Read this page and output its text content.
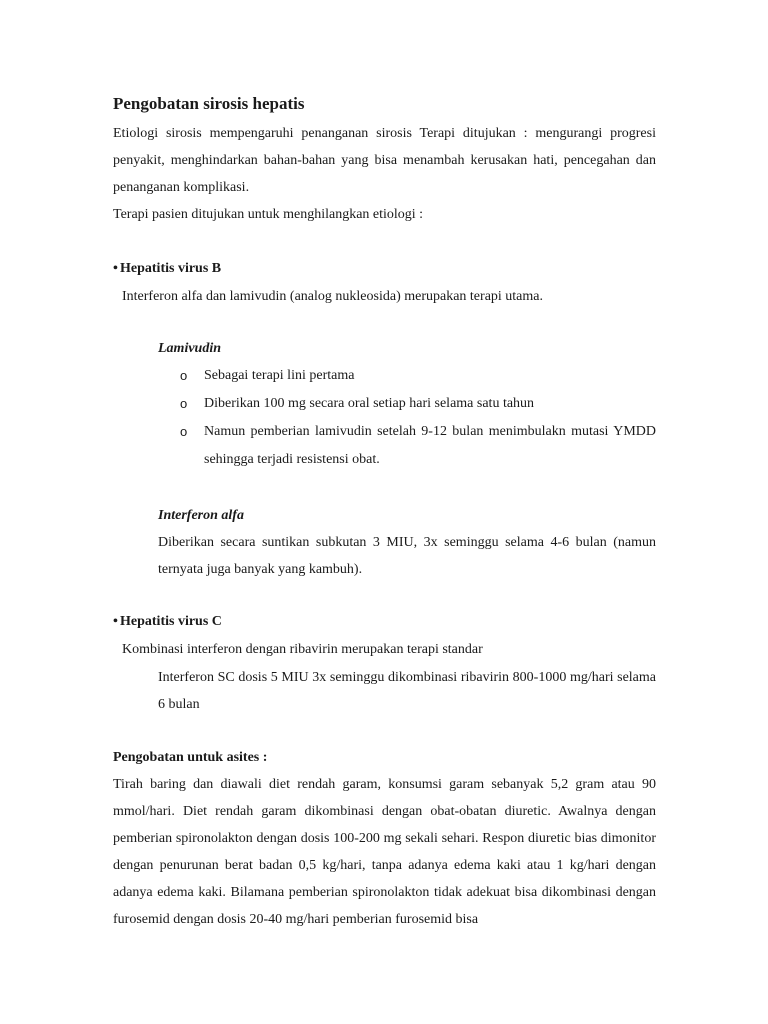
Pengobatan sirosis hepatis

Etiologi sirosis mempengaruhi penanganan sirosis Terapi ditujukan : mengurangi progresi penyakit, menghindarkan bahan-bahan yang bisa menambah kerusakan hati, pencegahan dan penanganan komplikasi.

Terapi pasien ditujukan untuk menghilangkan etiologi :

• Hepatitis virus B

Interferon alfa dan lamivudin (analog nukleosida) merupakan terapi utama.

Lamivudin

o	Sebagai terapi lini pertama
o	Diberikan 100 mg secara oral setiap hari selama satu tahun
o	Namun pemberian lamivudin setelah 9-12 bulan menimbulakn mutasi YMDD sehingga terjadi resistensi obat.

Interferon alfa

Diberikan secara suntikan subkutan 3 MIU, 3x seminggu selama 4-6 bulan (namun ternyata juga banyak yang kambuh).

• Hepatitis virus C

Kombinasi interferon dengan ribavirin merupakan terapi standar

Interferon SC dosis 5 MIU 3x seminggu dikombinasi ribavirin 800-1000 mg/hari selama 6 bulan

Pengobatan untuk asites :

Tirah baring dan diawali diet rendah garam, konsumsi garam sebanyak 5,2 gram atau 90 mmol/hari. Diet rendah garam dikombinasi dengan obat-obatan diuretic. Awalnya dengan pemberian spironolakton dengan dosis 100-200 mg sekali sehari. Respon diuretic bias dimonitor dengan penurunan berat badan 0,5 kg/hari, tanpa adanya edema kaki atau 1 kg/hari dengan adanya edema kaki. Bilamana pemberian spironolakton tidak adekuat bisa dikombinasi dengan furosemid dengan dosis 20-40 mg/hari pemberian furosemid bisa
